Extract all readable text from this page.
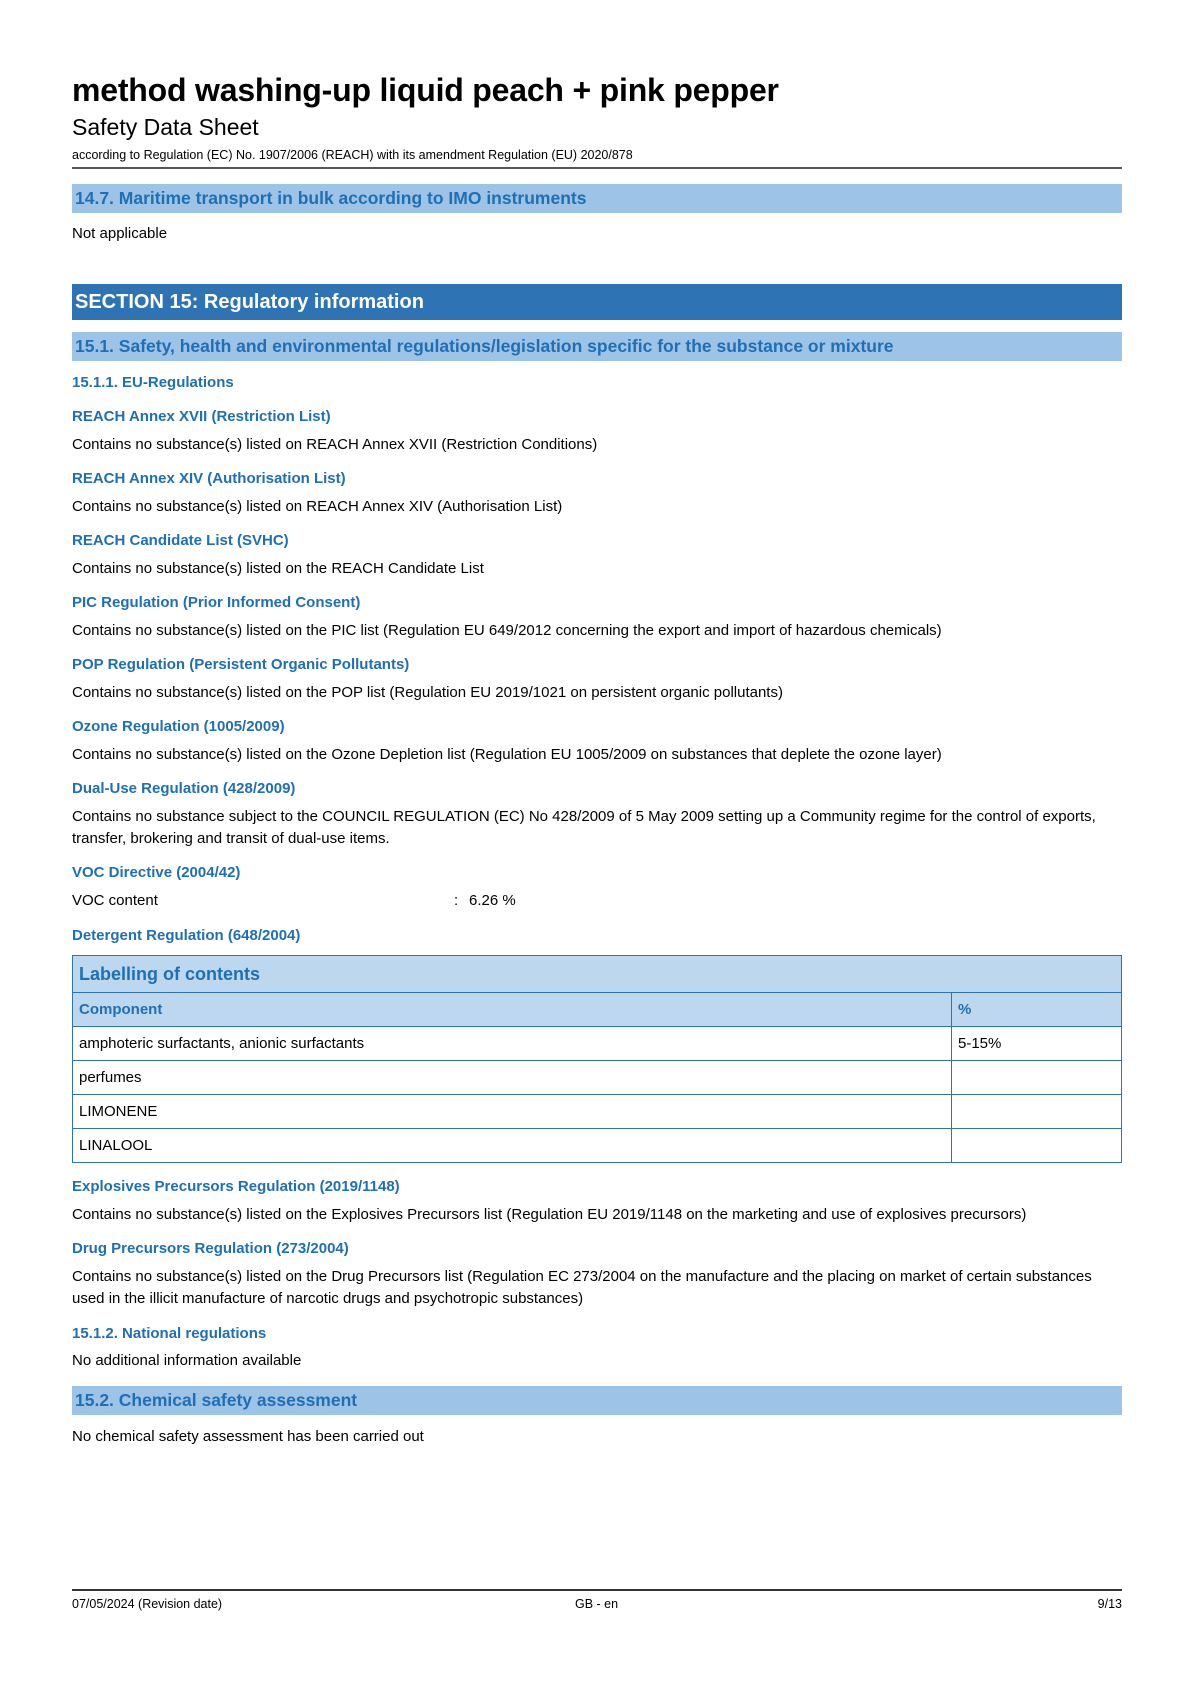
method washing-up liquid peach + pink pepper
Safety Data Sheet
according to Regulation (EC) No. 1907/2006 (REACH) with its amendment Regulation (EU) 2020/878
14.7. Maritime transport in bulk according to IMO instruments
Not applicable
SECTION 15: Regulatory information
15.1. Safety, health and environmental regulations/legislation specific for the substance or mixture
15.1.1. EU-Regulations
REACH Annex XVII (Restriction List)
Contains no substance(s) listed on REACH Annex XVII (Restriction Conditions)
REACH Annex XIV (Authorisation List)
Contains no substance(s) listed on REACH Annex XIV (Authorisation List)
REACH Candidate List (SVHC)
Contains no substance(s) listed on the REACH Candidate List
PIC Regulation (Prior Informed Consent)
Contains no substance(s) listed on the PIC list (Regulation EU 649/2012 concerning the export and import of hazardous chemicals)
POP Regulation (Persistent Organic Pollutants)
Contains no substance(s) listed on the POP list (Regulation EU 2019/1021 on persistent organic pollutants)
Ozone Regulation (1005/2009)
Contains no substance(s) listed on the Ozone Depletion list (Regulation EU 1005/2009 on substances that deplete the ozone layer)
Dual-Use Regulation (428/2009)
Contains no substance subject to the COUNCIL REGULATION (EC) No 428/2009 of 5 May 2009 setting up a Community regime for the control of exports, transfer, brokering and transit of dual-use items.
VOC Directive (2004/42)
VOC content	: 6.26 %
Detergent Regulation (648/2004)
Labelling of contents	
Component	%
amphoteric surfactants, anionic surfactants	5-15%
perfumes	
LIMONENE	
LINALOOL	
Explosives Precursors Regulation (2019/1148)
Contains no substance(s) listed on the Explosives Precursors list (Regulation EU 2019/1148 on the marketing and use of explosives precursors)
Drug Precursors Regulation (273/2004)
Contains no substance(s) listed on the Drug Precursors list (Regulation EC 273/2004 on the manufacture and the placing on market of certain substances used in the illicit manufacture of narcotic drugs and psychotropic substances)
15.1.2. National regulations
No additional information available
15.2. Chemical safety assessment
No chemical safety assessment has been carried out
07/05/2024 (Revision date)	GB - en	9/13
